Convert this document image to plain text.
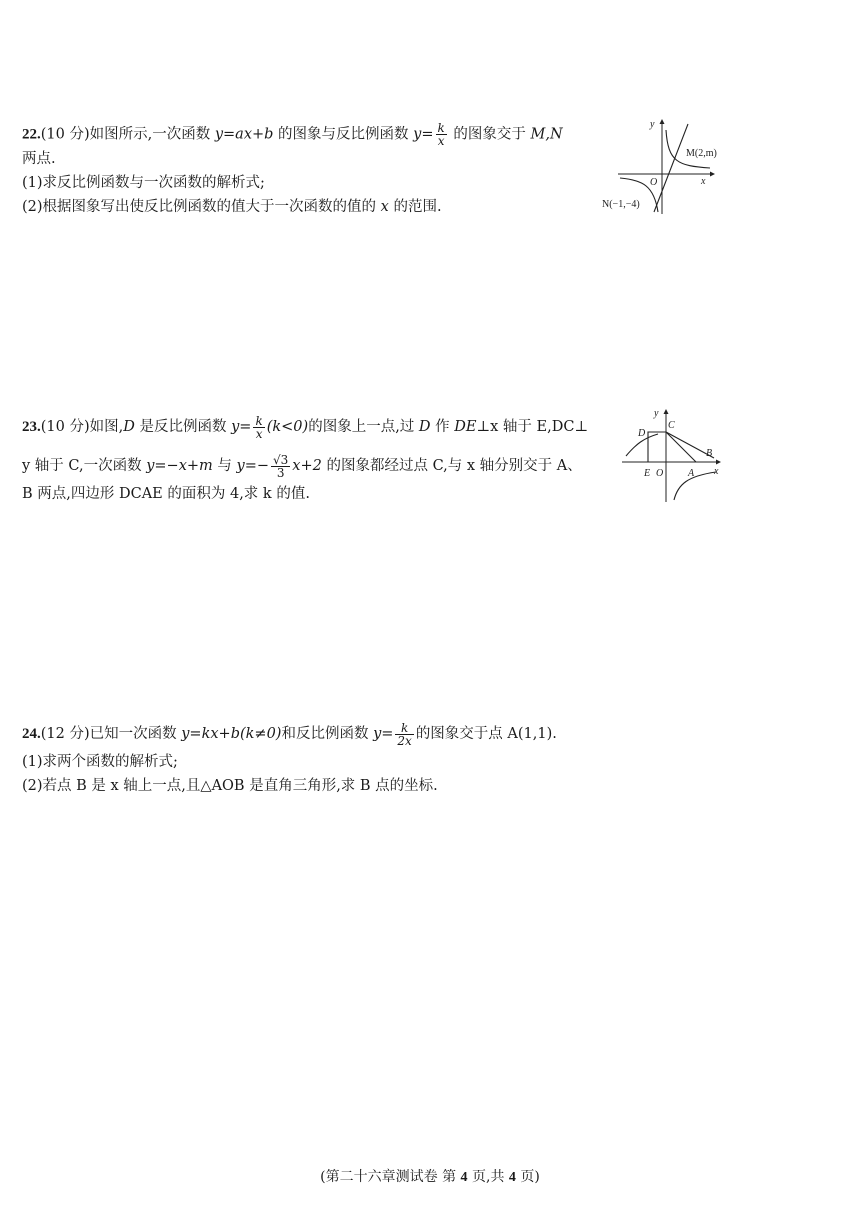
22.(10 分)如图所示,一次函数 y=ax+b 的图象与反比例函数 $y= \frac{k}{x}$ 的图象交于 M,N
两点.
(1)求反比例函数与一次函数的解析式;
(2)根据图象写出使反比例函数的值大于一次函数的值的 x 的范围.
y
x
O
M(2,m)
N(−1,−4)
23.(10 分)如图,D 是反比例函数 $y= \frac{k}{x} (k<0)$的图象上一点,过 D 作 DE⊥x 轴于 E,DC⊥
y 轴于 C,一次函数 y=−x+m 与 $y=- \frac{√3}{3} x+2$ 的图象都经过点 C,与 x 轴分别交于 A、
B 两点,四边形 DCAE 的面积为 4,求 k 的值.
y
x
D
C
E O A
B
24.(12 分)已知一次函数 y=kx+b(k≠0)和反比例函数 $y= \frac{k}{2x}$ 的图象交于点 A(1,1).
(1)求两个函数的解析式;
(2)若点 B 是 x 轴上一点,且△AOB 是直角三角形,求 B 点的坐标.
(第二十六章测试卷 第 4 页,共 4 页)
